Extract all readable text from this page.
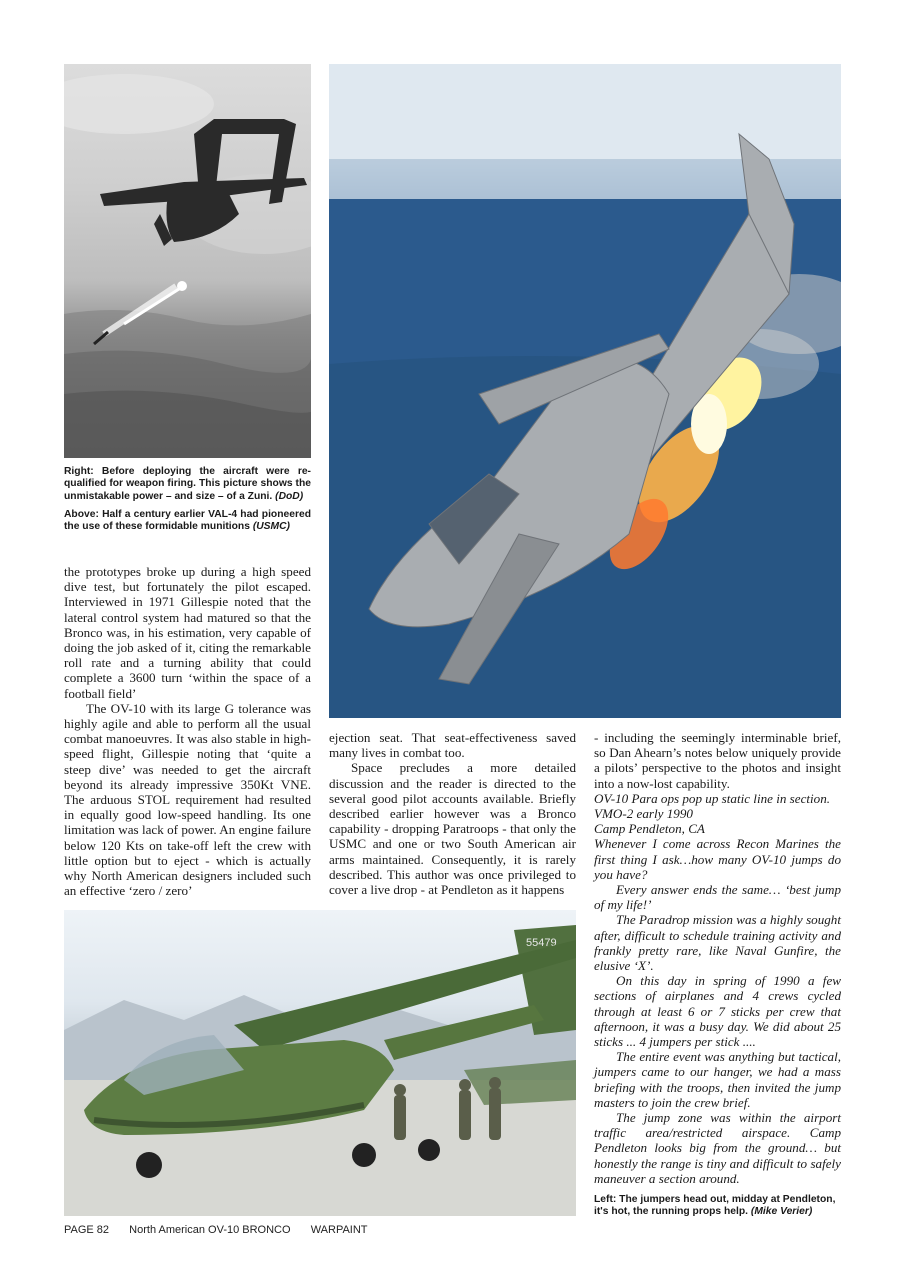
Right: Before deploying the aircraft were re-qualified for weapon firing. This picture shows the unmistakable power – and size – of a Zuni. (DoD)

Above: Half a century earlier VAL-4 had pioneered the use of these formidable munitions (USMC)

the prototypes broke up during a high speed dive test, but fortunately the pilot escaped. Interviewed in 1971 Gillespie noted that the lateral control system had matured so that the Bronco was, in his estimation, very capable of doing the job asked of it, citing the remarkable roll rate and a turning ability that could complete a 3600 turn ‘within the space of a football field’

The OV-10 with its large G tolerance was highly agile and able to perform all the usual combat manoeuvres. It was also stable in high-speed flight, Gillespie noting that ‘quite a steep dive’ was needed to get the aircraft beyond its already impressive 350Kt VNE. The arduous STOL requirement had resulted in equally good low-speed handling. Its one limitation was lack of power. An engine failure below 120 Kts on take-off left the crew with little option but to eject - which is actually why North American designers included such an effective ‘zero / zero’

ejection seat. That seat-effectiveness saved many lives in combat too.

Space precludes a more detailed discussion and the reader is directed to the several good pilot accounts available. Briefly described earlier however was a Bronco capability - dropping Paratroops - that only the USMC and one or two South American air arms maintained. Consequently, it is rarely described. This author was once privileged to cover a live drop - at Pendleton as it happens

- including the seemingly interminable brief, so Dan Ahearn’s notes below uniquely provide a pilots’ perspective to the photos and insight into a now-lost capability.

OV-10 Para ops pop up static line in section.

VMO-2 early 1990

Camp Pendleton, CA

Whenever I come across Recon Marines the first thing I ask…how many OV-10 jumps do you have?

Every answer ends the same… ‘best jump of my life!’

The Paradrop mission was a highly sought after, difficult to schedule training activity and frankly pretty rare, like Naval Gunfire, the elusive ‘X’.

On this day in spring of 1990 a few sections of airplanes and 4 crews cycled through at least 6 or 7 sticks per crew that afternoon, it was a busy day. We did about 25 sticks ... 4 jumpers per stick ....

The entire event was anything but tactical, jumpers came to our hanger, we had a mass briefing with the troops, then invited the jump masters to join the crew brief.

The jump zone was within the airport traffic area/restricted airspace. Camp Pendleton looks big from the ground… but honestly the range is tiny and difficult to safely maneuver a section around.

Left: The jumpers head out, midday at Pendleton, it's hot, the running props help. (Mike Verier)

55479
PAGE 82 North American OV-10 BRONCO WARPAINT
